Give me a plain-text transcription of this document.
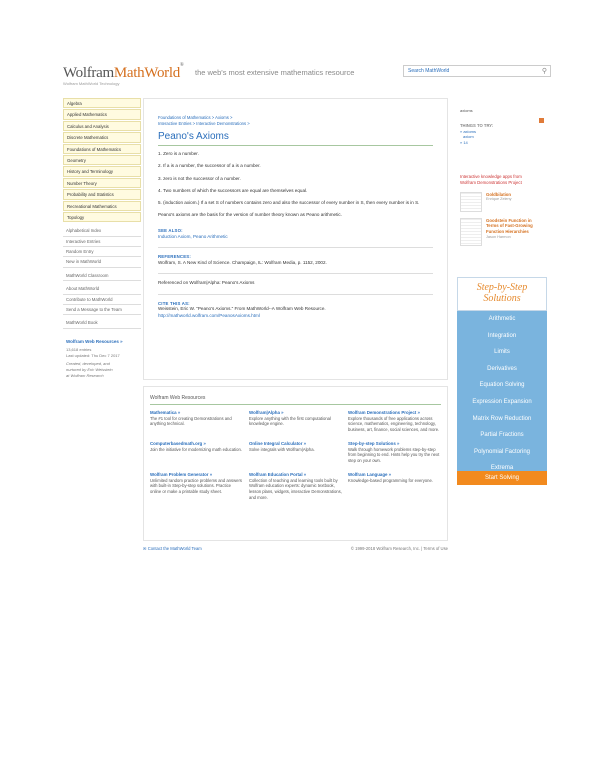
WolframMathWorld®
the web's most extensive mathematics resource
Wolfram MathWorld Technology
Search MathWorld	⚲
Algebra
Applied Mathematics
Calculus and Analysis
Discrete Mathematics
Foundations of Mathematics
Geometry
History and Terminology
Number Theory
Probability and Statistics
Recreational Mathematics
Topology
Alphabetical Index
Interactive Entries
Random Entry
New in MathWorld
MathWorld Classroom
About MathWorld
Contribute to MathWorld
Send a Message to the Team
MathWorld Book
Wolfram Web Resources »
13,618 entries
Last updated: Thu Dec 7 2017
Created, developed, and
nurtured by Eric Weisstein
at Wolfram Research
Foundations of Mathematics > Axioms >
Interactive Entries > Interactive Demonstrations >
Peano's Axioms
1. Zero is a number.
2. If a is a number, the successor of a is a number.
3. zero is not the successor of a number.
4. Two numbers of which the successors are equal are themselves equal.
5. (induction axiom.) If a set S of numbers contains zero and also the successor of every number in S, then every number is in S.
Peano's axioms are the basis for the version of number theory known as Peano arithmetic.
SEE ALSO:
Induction Axiom, Peano Arithmetic
REFERENCES:
Wolfram, S. A New Kind of Science. Champaign, IL: Wolfram Media, p. 1152, 2002.
Referenced on Wolfram|Alpha: Peano's Axioms
CITE THIS AS:
Weisstein, Eric W. "Peano's Axioms." From MathWorld--A Wolfram Web Resource.
http://mathworld.wolfram.com/PeanosAxioms.html
axioms
THINGS TO TRY:
» axioms
axiom
» 14
Interactive knowledge apps from
Wolfram Demonstrations Project
Goldbilation
Enrique Zeleny
Goodstein Function in Terms of Fast-Growing Function Hierarchies
Jason Harmon
Step-by-Step Solutions
Arithmetic
Integration
Limits
Derivatives
Equation Solving
Expression Expansion
Matrix Row Reduction
Partial Fractions
Polynomial Factoring
Extrema
Start Solving
Wolfram Web Resources
Mathematica »
The #1 tool for creating Demonstrations and anything technical.
Wolfram|Alpha »
Explore anything with the first computational knowledge engine.
Wolfram Demonstrations Project »
Explore thousands of free applications across science, mathematics, engineering, technology, business, art, finance, social sciences, and more.
Computerbasedmath.org »
Join the initiative for modernizing math education.
Online Integral Calculator »
Solve integrals with Wolfram|Alpha.
Step-by-step Solutions »
Walk through homework problems step-by-step from beginning to end. Hints help you try the next step on your own.
Wolfram Problem Generator »
Unlimited random practice problems and answers with built-in Step-by-step solutions. Practice online or make a printable study sheet.
Wolfram Education Portal »
Collection of teaching and learning tools built by Wolfram education experts: dynamic textbook, lesson plans, widgets, interactive Demonstrations, and more.
Wolfram Language »
Knowledge-based programming for everyone.
✉ Contact the MathWorld Team	© 1999-2018 Wolfram Research, Inc. | Terms of Use
